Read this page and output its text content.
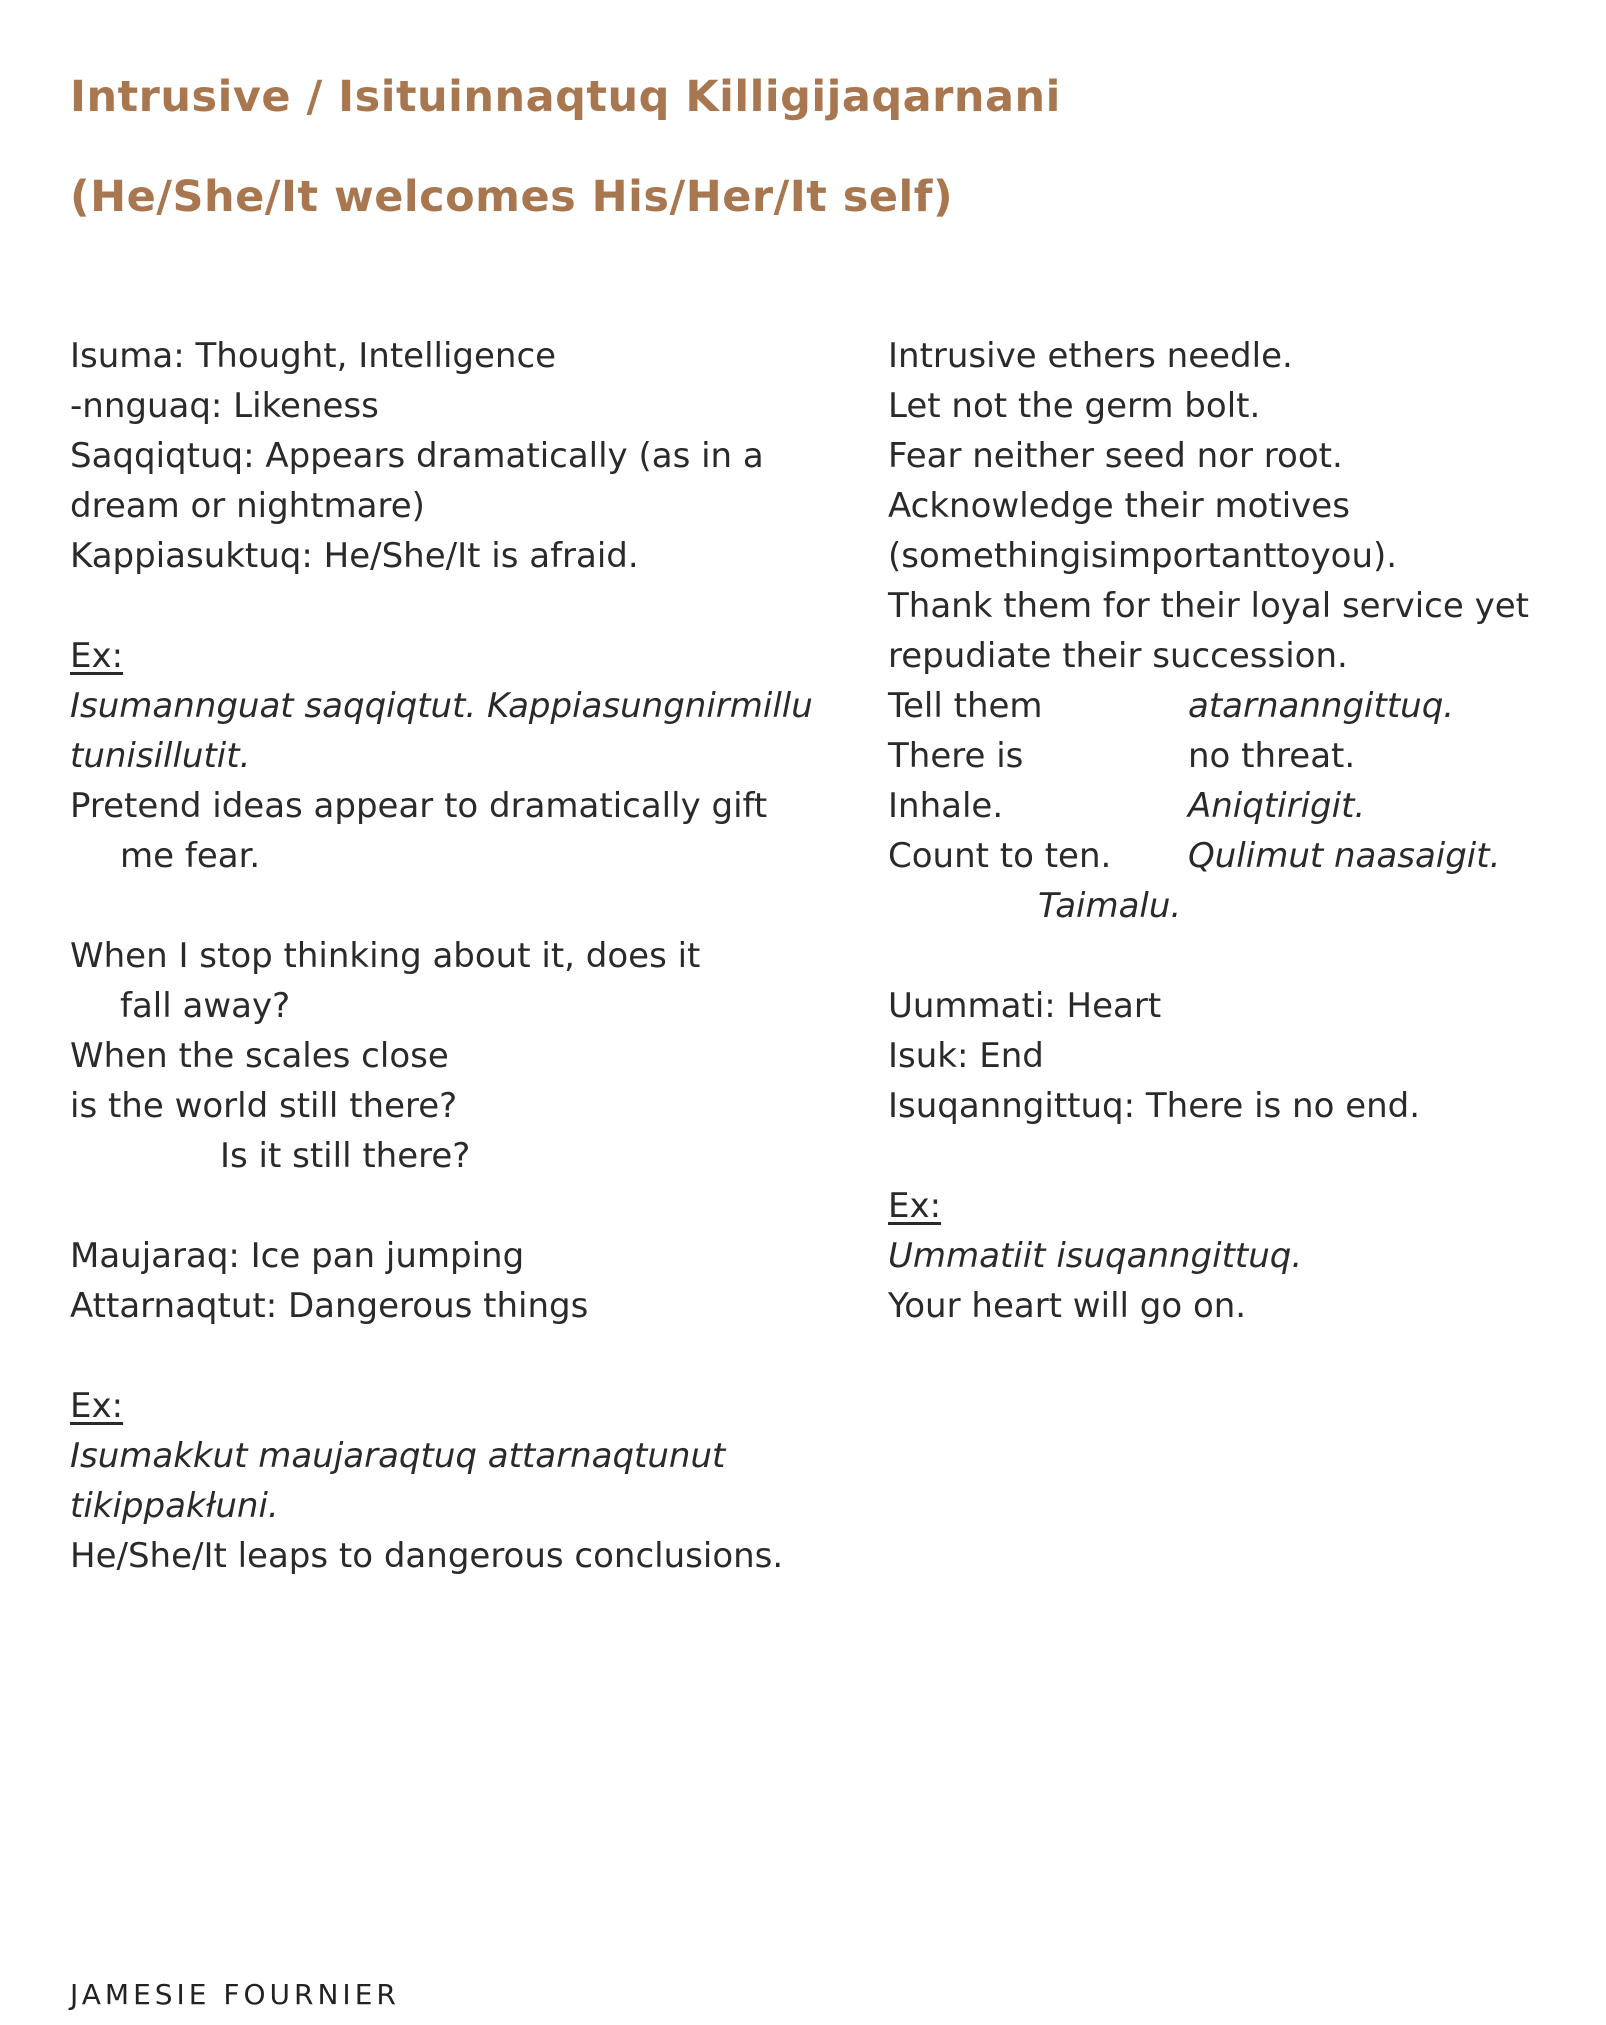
Intrusive / Isituinnaqtuq Killigijaqarnani
(He/She/It welcomes His/Her/It self)
Isuma: Thought, Intelligence
-nnguaq: Likeness
Saqqiqtuq: Appears dramatically (as in a
dream or nightmare)
Kappiasuktuq: He/She/It is afraid.
Ex:
Isumannguat saqqiqtut. Kappiasungnirmillu
tunisillutit.
Pretend ideas appear to dramatically gift
me fear.
When I stop thinking about it, does it
fall away?
When the scales close
is the world still there?
Is it still there?
Maujaraq: Ice pan jumping
Attarnaqtut: Dangerous things
Ex:
Isumakkut maujaraqtuq attarnaqtunut
tikippakłuni.
He/She/It leaps to dangerous conclusions.
Intrusive ethers needle.
Let not the germ bolt.
Fear neither seed nor root.
Acknowledge their motives
(somethingisimportanttoyou).
Thank them for their loyal service yet
repudiate their succession.
Tell them	atarnanngittuq.
There is	no threat.
Inhale.	Aniqtirigit.
Count to ten.	Qulimut naasaigit.
Taimalu.
Uummati: Heart
Isuk: End
Isuqanngittuq: There is no end.
Ex:
Ummatiit isuqanngittuq.
Your heart will go on.
JAMESIE FOURNIER
